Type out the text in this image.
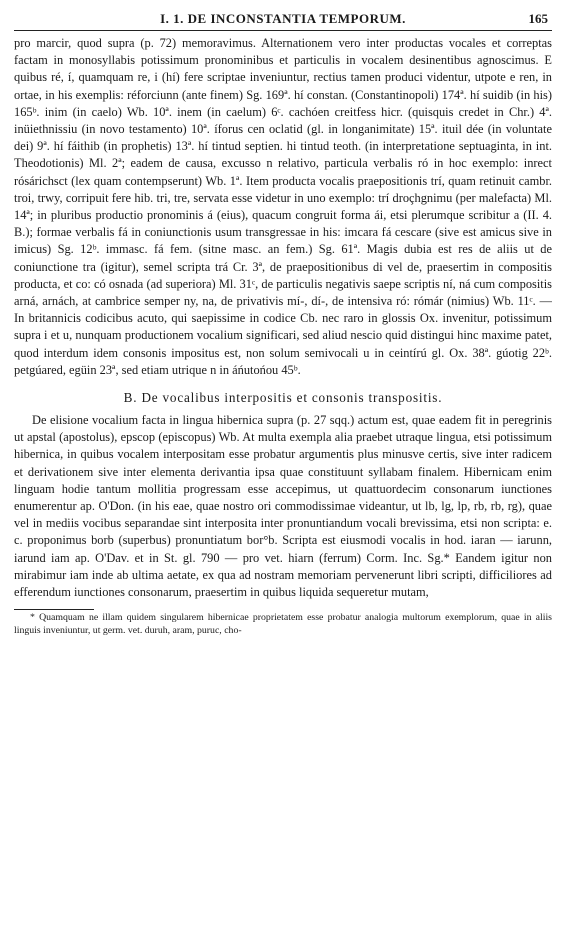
I. 1. DE INCONSTANTIA TEMPORUM.	165

pro marcir, quod supra (p. 72) memoravimus. Alternationem vero inter productas vocales et correptas factam in monosyllabis potissimum pronominibus et particulis in vocalem desinentibus agnoscimus. E quibus ré, í, quamquam re, i (hí) fere scriptae inveniuntur, rectius tamen produci videntur, utpote e ren, in ortae, in his exemplis: réforciunn (ante finem) Sg. 169ª. hí constan. (Constantinopoli) 174ª. hí suidib (in his) 165ᵇ. inim (in caelo) Wb. 10ª. inem (in caelum) 6ᶜ. cachóen creitfess hicr. (quisquis credet in Chr.) 4ª. inüiethnissiu (in novo testamento) 10ª. íforus cen oclatid (gl. in longanimitate) 15ª. ituil dée (in voluntate dei) 9ª. hí fáithib (in prophetis) 13ª. hí tintud septien. hi tintud teoth. (in interpretatione septuaginta, in int. Theodotionis) Ml. 2ª; eadem de causa, excusso n relativo, particula verbalis ró in hoc exemplo: inrect rósárichsct (lex quam contempserunt) Wb. 1ª. Item producta vocalis praepositionis trí, quam retinuit cambr. troi, trwy, corripuit fere hib. tri, tre, servata esse videtur in uno exemplo: trí droçhgnimu (per malefacta) Ml. 14ª; in pluribus productio pronominis á (eius), quacum congruit forma ái, etsi plerumque scribitur a (II. 4. B.); formae verbalis fá in coniunctionis usum transgressae in his: imcara fá cescare (sive est amicus sive in imicus) Sg. 12ᵇ. immasc. fá fem. (sitne masc. an fem.) Sg. 61ª. Magis dubia est res de aliis ut de coniunctione tra (igitur), semel scripta trá Cr. 3ª, de praepositionibus di vel de, praesertim in compositis producta, et co: có osnada (ad superiora) Ml. 31ᶜ, de particulis negativis saepe scriptis ní, ná cum compositis arná, arnách, at cambrice semper ny, na, de privativis mí-, dí-, de intensiva ró: rómár (nimius) Wb. 11ᶜ. — In britannicis codicibus acuto, qui saepissime in codice Cb. nec raro in glossis Ox. invenitur, potissimum supra i et u, nunquam productionem vocalium significari, sed aliud nescio quid distingui hinc maxime patet, quod interdum idem consonis impositus est, non solum semivocali u in ceintírú gl. Ox. 38ª. gúotig 22ᵇ. petgúared, egüin 23ª, sed etiam utrique n in áńutońou 45ᵇ.

B. De vocalibus interpositis et consonis transpositis.

De elisione vocalium facta in lingua hibernica supra (p. 27 sqq.) actum est, quae eadem fit in peregrinis ut apstal (apostolus), epscop (episcopus) Wb. At multa exempla alia praebet utraque lingua, etsi potissimum hibernica, in quibus vocalem interpositam esse probatur argumentis plus minusve certis, sive inter radicem et derivationem sive inter elementa derivantia ipsa quae constituunt syllabam finalem. Hibernicam enim linguam hodie tantum mollitia progressam esse accepimus, ut quattuordecim consonarum iunctiones enumerentur ap. O'Don. (in his eae, quae nostro ori commodissimae videantur, ut lb, lg, lp, rb, rb, rg), quae vel in mediis vocibus separandae sint interposita inter pronuntiandum vocali brevissima, etsi non scripta: e. c. proponimus borb (superbus) pronuntiatum bor°b. Scripta est eiusmodi vocalis in hod. iaran — iarunn, iarund iam ap. O'Dav. et in St. gl. 790 — pro vet. hiarn (ferrum) Corm. Inc. Sg.* Eandem igitur non mirabimur iam inde ab ultima aetate, ex qua ad nostram memoriam pervenerunt libri scripti, difficiliores ad efferendum iunctiones consonarum, praesertim in quibus liquida sequeretur mutam,

* Quamquam ne illam quidem singularem hibernicae proprietatem esse probatur analogia multorum exemplorum, quae in aliis linguis inveniuntur, ut germ. vet. duruh, aram, puruc, cho-
